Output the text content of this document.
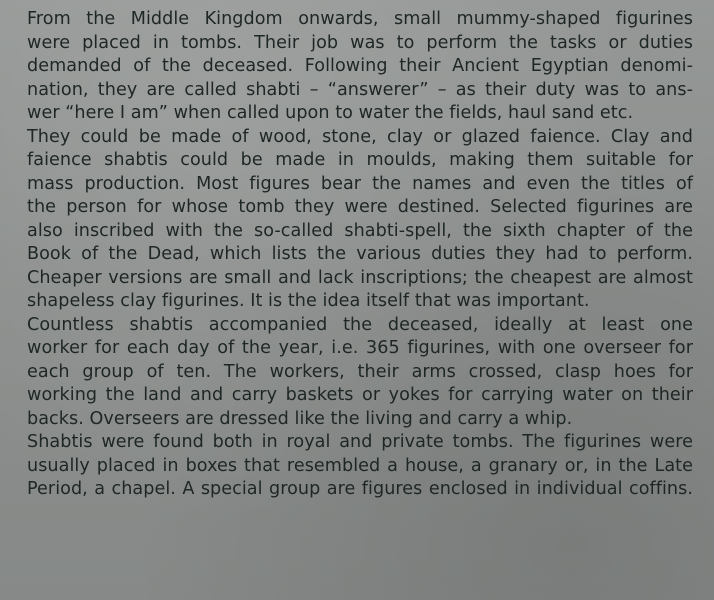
From the Middle Kingdom onwards, small mummy-shaped figurines
were placed in tombs. Their job was to perform the tasks or duties
demanded of the deceased. Following their Ancient Egyptian denomi-
nation, they are called shabti – “answerer” – as their duty was to ans-
wer “here I am” when called upon to water the fields, haul sand etc.
They could be made of wood, stone, clay or glazed faience. Clay and
faience shabtis could be made in moulds, making them suitable for
mass production. Most figures bear the names and even the titles of
the person for whose tomb they were destined. Selected figurines are
also inscribed with the so-called shabti-spell, the sixth chapter of the
Book of the Dead, which lists the various duties they had to perform.
Cheaper versions are small and lack inscriptions; the cheapest are almost
shapeless clay figurines. It is the idea itself that was important.
Countless shabtis accompanied the deceased, ideally at least one
worker for each day of the year, i.e. 365 figurines, with one overseer for
each group of ten. The workers, their arms crossed, clasp hoes for
working the land and carry baskets or yokes for carrying water on their
backs. Overseers are dressed like the living and carry a whip.
Shabtis were found both in royal and private tombs. The figurines were
usually placed in boxes that resembled a house, a granary or, in the Late
Period, a chapel. A special group are figures enclosed in individual coffins.
